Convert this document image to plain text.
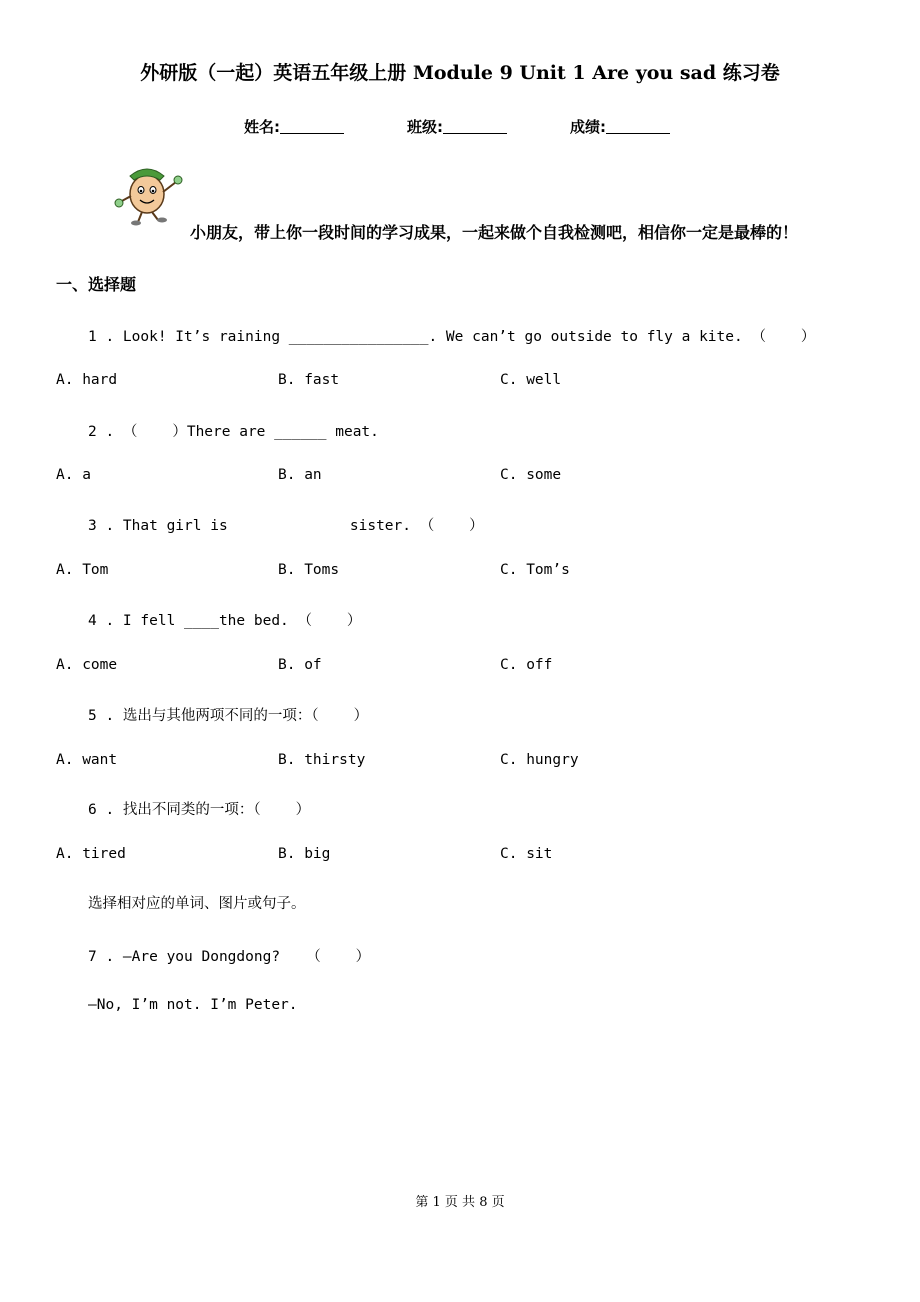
外研版（一起）英语五年级上册 Module 9 Unit 1 Are you sad 练习卷
姓名:	班级:	成绩:
小朋友，带上你一段时间的学习成果，一起来做个自我检测吧，相信你一定是最棒的！
一、选择题
1 . Look! It’s raining ________________. We can’t go outside to fly a kite. （    ）
A. hard	B. fast	C. well
2 . （    ）There are ______ meat.
A. a	B. an	C. some
3 . That girl is              sister. （    ）
A. Tom	B. Toms	C. Tom’s
4 . I fell ____the bed. （    ）
A. come	B. of	C. off
5 . 选出与其他两项不同的一项：（    ）
A. want	B. thirsty	C. hungry
6 . 找出不同类的一项：（    ）
A. tired	B. big	C. sit
选择相对应的单词、图片或句子。
7 . —Are you Dongdong?   （    ）
—No, I’m not. I’m Peter.
第 1 页 共 8 页
